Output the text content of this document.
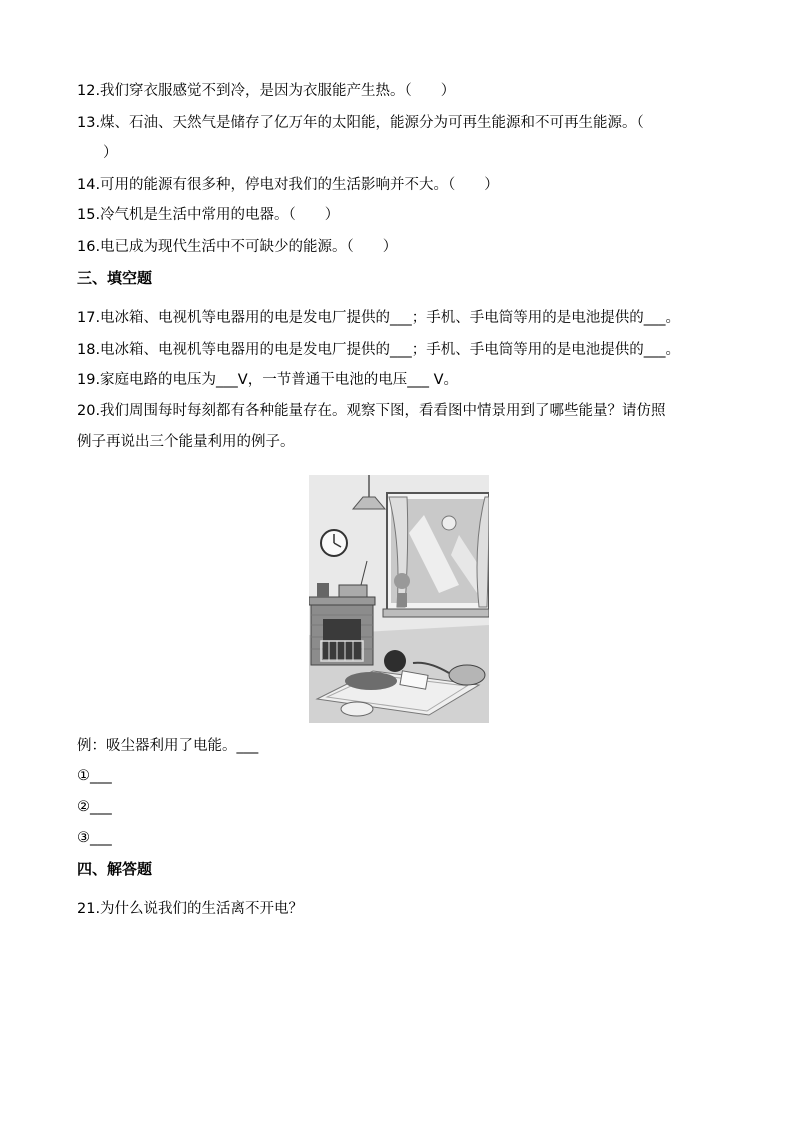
12.我们穿衣服感觉不到冷，是因为衣服能产生热。（　　）
13.煤、石油、天然气是储存了亿万年的太阳能，能源分为可再生能源和不可再生能源。（
）
14.可用的能源有很多种，停电对我们的生活影响并不大。（　　）
15.冷气机是生活中常用的电器。（　　）
16.电已成为现代生活中不可缺少的能源。（　　）
三、填空题
17.电冰箱、电视机等电器用的电是发电厂提供的___；手机、手电筒等用的是电池提供的___。
18.电冰箱、电视机等电器用的电是发电厂提供的___；手机、手电筒等用的是电池提供的___。
19.家庭电路的电压为___V，一节普通干电池的电压___ V。
20.我们周围每时每刻都有各种能量存在。观察下图，看看图中情景用到了哪些能量？请仿照
例子再说出三个能量利用的例子。
例：吸尘器利用了电能。___
①___
②___
③___
四、解答题
21.为什么说我们的生活离不开电？
